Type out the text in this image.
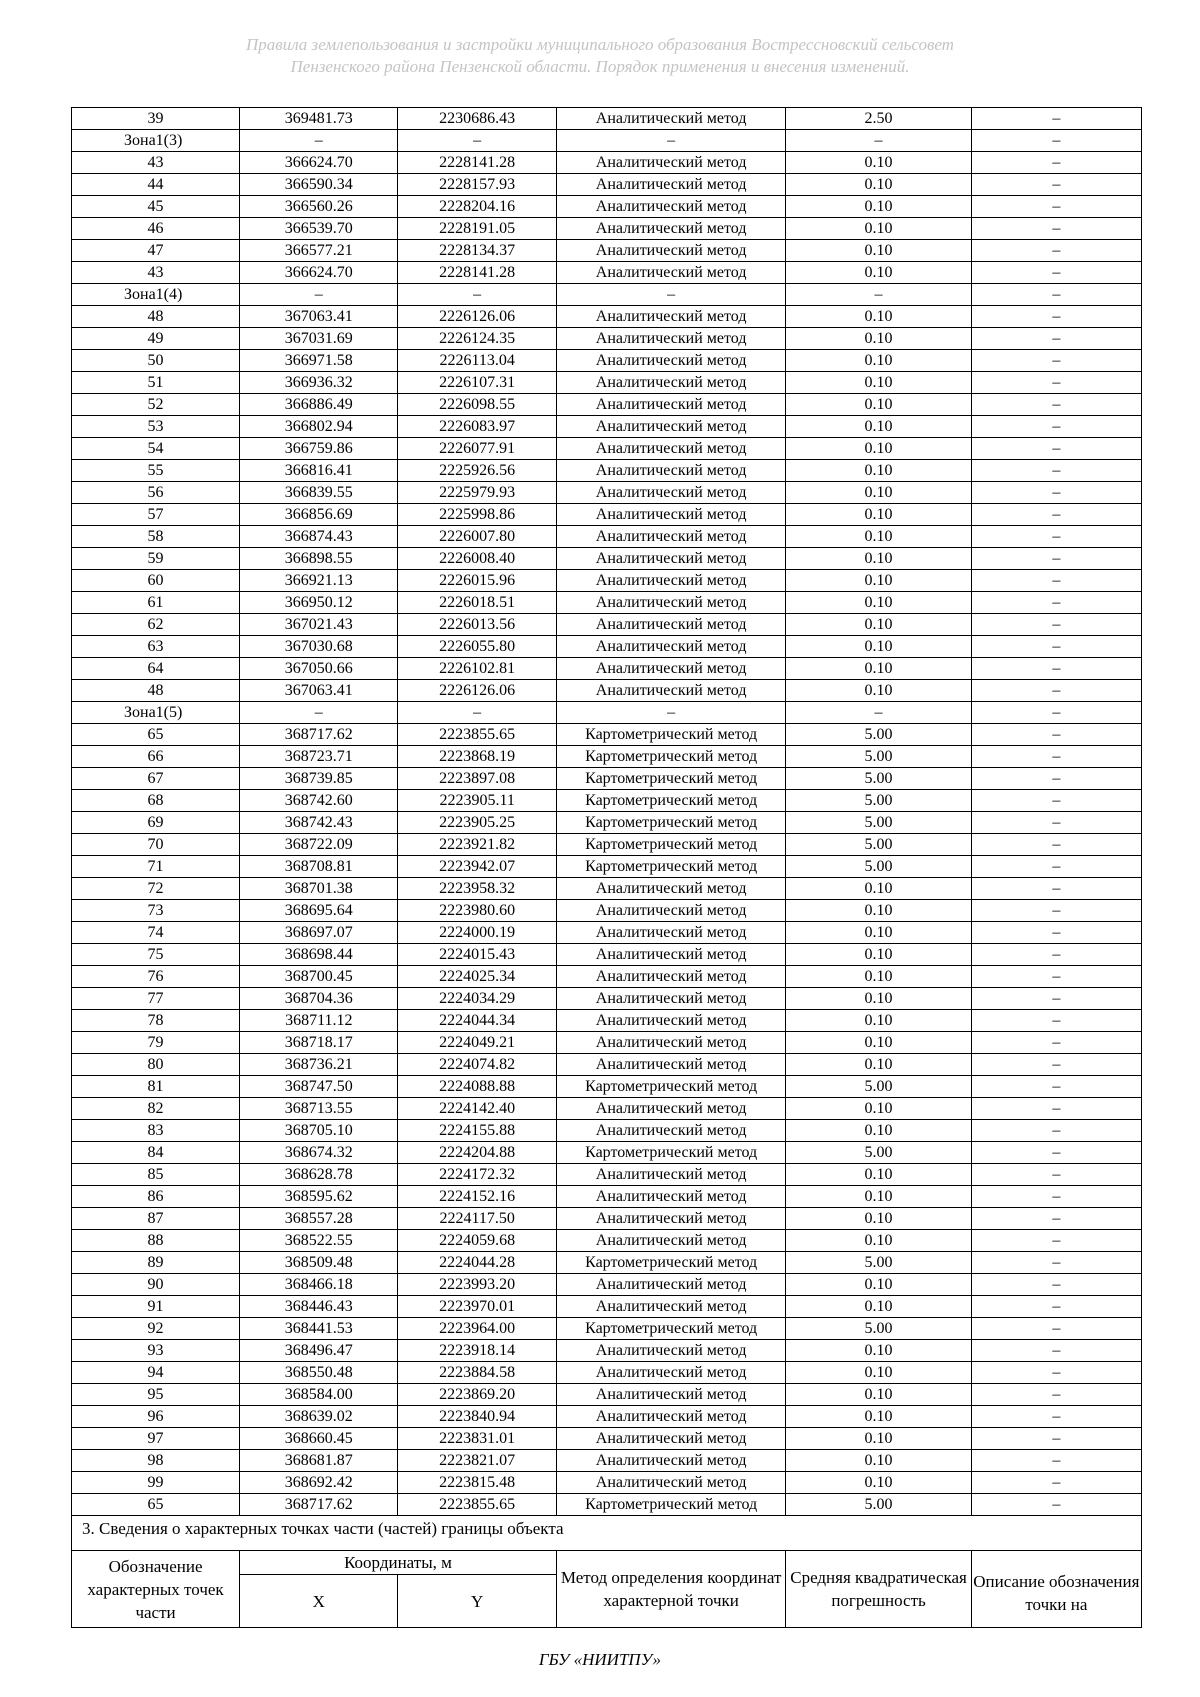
Правила землепользования и застройки муниципального образования Вострессновский сельсовет
Пензенского района Пензенской области. Порядок применения и внесения изменений.
39	369481.73	2230686.43	Аналитический метод	2.50	–
Зона1(3)	–	–	–	–	–
43	366624.70	2228141.28	Аналитический метод	0.10	–
44	366590.34	2228157.93	Аналитический метод	0.10	–
45	366560.26	2228204.16	Аналитический метод	0.10	–
46	366539.70	2228191.05	Аналитический метод	0.10	–
47	366577.21	2228134.37	Аналитический метод	0.10	–
43	366624.70	2228141.28	Аналитический метод	0.10	–
Зона1(4)	–	–	–	–	–
48	367063.41	2226126.06	Аналитический метод	0.10	–
49	367031.69	2226124.35	Аналитический метод	0.10	–
50	366971.58	2226113.04	Аналитический метод	0.10	–
51	366936.32	2226107.31	Аналитический метод	0.10	–
52	366886.49	2226098.55	Аналитический метод	0.10	–
53	366802.94	2226083.97	Аналитический метод	0.10	–
54	366759.86	2226077.91	Аналитический метод	0.10	–
55	366816.41	2225926.56	Аналитический метод	0.10	–
56	366839.55	2225979.93	Аналитический метод	0.10	–
57	366856.69	2225998.86	Аналитический метод	0.10	–
58	366874.43	2226007.80	Аналитический метод	0.10	–
59	366898.55	2226008.40	Аналитический метод	0.10	–
60	366921.13	2226015.96	Аналитический метод	0.10	–
61	366950.12	2226018.51	Аналитический метод	0.10	–
62	367021.43	2226013.56	Аналитический метод	0.10	–
63	367030.68	2226055.80	Аналитический метод	0.10	–
64	367050.66	2226102.81	Аналитический метод	0.10	–
48	367063.41	2226126.06	Аналитический метод	0.10	–
Зона1(5)	–	–	–	–	–
65	368717.62	2223855.65	Картометрический метод	5.00	–
66	368723.71	2223868.19	Картометрический метод	5.00	–
67	368739.85	2223897.08	Картометрический метод	5.00	–
68	368742.60	2223905.11	Картометрический метод	5.00	–
69	368742.43	2223905.25	Картометрический метод	5.00	–
70	368722.09	2223921.82	Картометрический метод	5.00	–
71	368708.81	2223942.07	Картометрический метод	5.00	–
72	368701.38	2223958.32	Аналитический метод	0.10	–
73	368695.64	2223980.60	Аналитический метод	0.10	–
74	368697.07	2224000.19	Аналитический метод	0.10	–
75	368698.44	2224015.43	Аналитический метод	0.10	–
76	368700.45	2224025.34	Аналитический метод	0.10	–
77	368704.36	2224034.29	Аналитический метод	0.10	–
78	368711.12	2224044.34	Аналитический метод	0.10	–
79	368718.17	2224049.21	Аналитический метод	0.10	–
80	368736.21	2224074.82	Аналитический метод	0.10	–
81	368747.50	2224088.88	Картометрический метод	5.00	–
82	368713.55	2224142.40	Аналитический метод	0.10	–
83	368705.10	2224155.88	Аналитический метод	0.10	–
84	368674.32	2224204.88	Картометрический метод	5.00	–
85	368628.78	2224172.32	Аналитический метод	0.10	–
86	368595.62	2224152.16	Аналитический метод	0.10	–
87	368557.28	2224117.50	Аналитический метод	0.10	–
88	368522.55	2224059.68	Аналитический метод	0.10	–
89	368509.48	2224044.28	Картометрический метод	5.00	–
90	368466.18	2223993.20	Аналитический метод	0.10	–
91	368446.43	2223970.01	Аналитический метод	0.10	–
92	368441.53	2223964.00	Картометрический метод	5.00	–
93	368496.47	2223918.14	Аналитический метод	0.10	–
94	368550.48	2223884.58	Аналитический метод	0.10	–
95	368584.00	2223869.20	Аналитический метод	0.10	–
96	368639.02	2223840.94	Аналитический метод	0.10	–
97	368660.45	2223831.01	Аналитический метод	0.10	–
98	368681.87	2223821.07	Аналитический метод	0.10	–
99	368692.42	2223815.48	Аналитический метод	0.10	–
65	368717.62	2223855.65	Картометрический метод	5.00	–
3. Сведения о характерных точках части (частей) границы объекта					
Обозначение характерных точек части	Координаты, м		Метод определения координат характерной точки	Средняя квадратическая погрешность	Описание обозначения точки на
	X	Y			
ГБУ «НИИТПУ»
